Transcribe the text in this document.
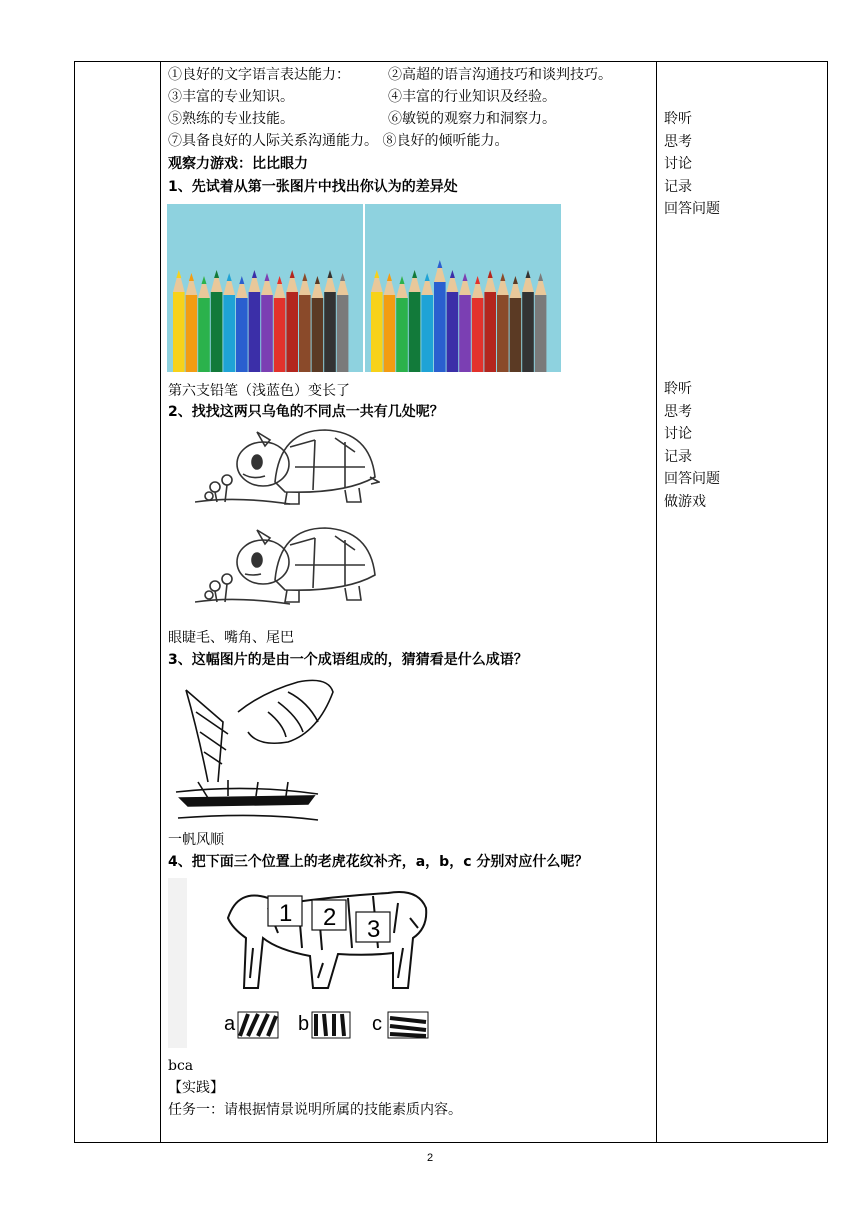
①良好的文字语言表达能力：	②高超的语言沟通技巧和谈判技巧。
③丰富的专业知识。	④丰富的行业知识及经验。
⑤熟练的专业技能。	⑥敏锐的观察力和洞察力。
⑦具备良好的人际关系沟通能力。 ⑧良好的倾听能力。
观察力游戏：比比眼力
1、先试着从第一张图片中找出你认为的差异处
第六支铅笔（浅蓝色）变长了
2、找找这两只乌龟的不同点一共有几处呢？
眼睫毛、嘴角、尾巴
3、这幅图片的是由一个成语组成的，猜猜看是什么成语？
一帆风顺
4、把下面三个位置上的老虎花纹补齐，a，b，c 分别对应什么呢？
1 2 3
a	b	c
bca
【实践】
任务一：请根据情景说明所属的技能素质内容。
聆听
思考
讨论
记录
回答问题
聆听
思考
讨论
记录
回答问题
做游戏
2
